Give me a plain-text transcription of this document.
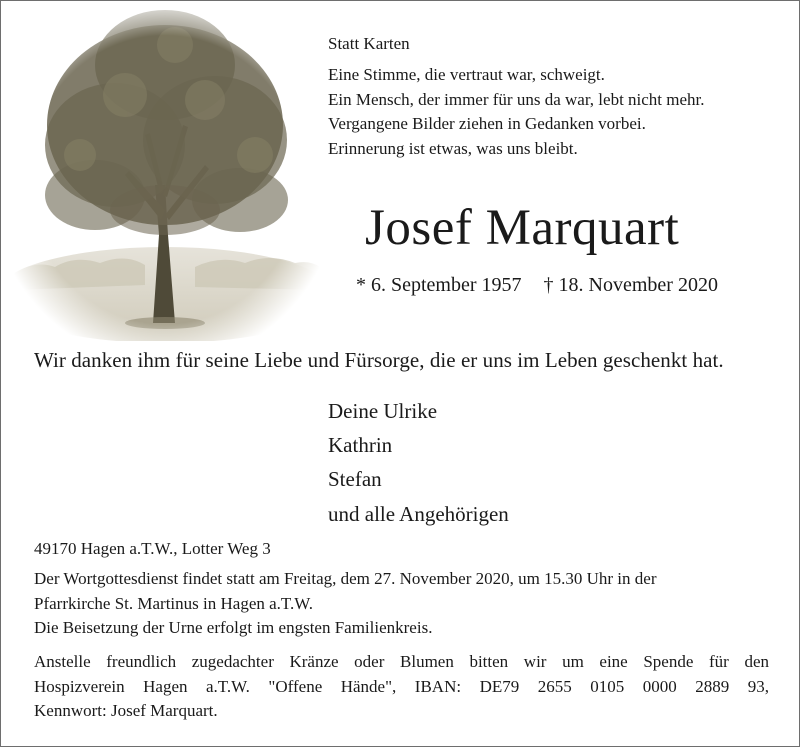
Statt Karten
Eine Stimme, die vertraut war, schweigt.
Ein Mensch, der immer für uns da war, lebt nicht mehr.
Vergangene Bilder ziehen in Gedanken vorbei.
Erinnerung ist etwas, was uns bleibt.
Josef Marquart
* 6. September 1957 † 18. November 2020
Wir danken ihm für seine Liebe und Fürsorge, die er uns im Leben geschenkt hat.
Deine Ulrike
Kathrin
Stefan
und alle Angehörigen
49170 Hagen a.T.W., Lotter Weg 3
Der Wortgottesdienst findet statt am Freitag, dem 27. November 2020, um 15.30 Uhr in der
Pfarrkirche St. Martinus in Hagen a.T.W.
Die Beisetzung der Urne erfolgt im engsten Familienkreis.
Anstelle freundlich zugedachter Kränze oder Blumen bitten wir um eine Spende für den
Hospizverein Hagen a.T.W. "Offene Hände", IBAN: DE79 2655 0105 0000 2889 93,
Kennwort: Josef Marquart.
